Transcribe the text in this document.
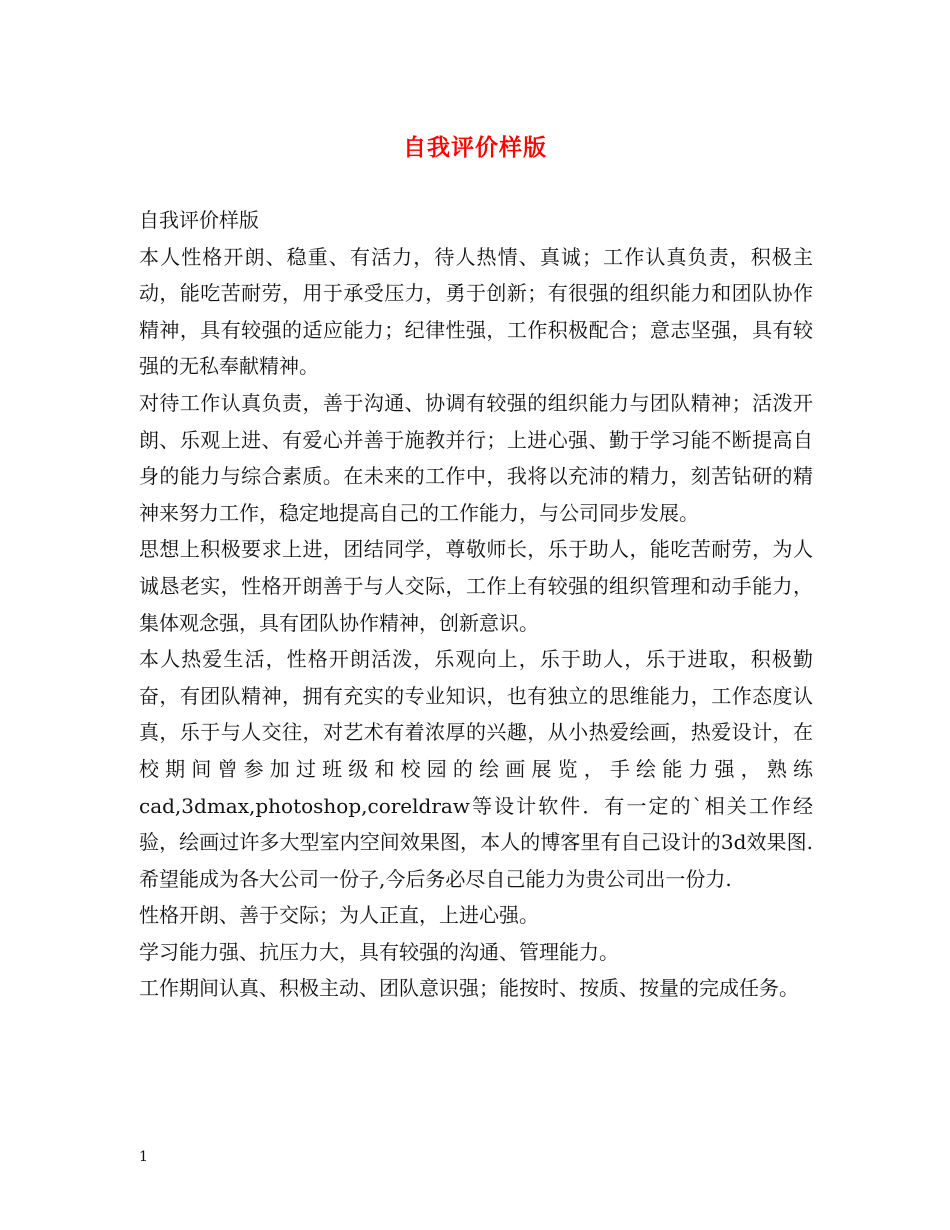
自我评价样版

自我评价样版

本人性格开朗、稳重、有活力，待人热情、真诚；工作认真负责，积极主动，能吃苦耐劳，用于承受压力，勇于创新；有很强的组织能力和团队协作精神，具有较强的适应能力；纪律性强，工作积极配合；意志坚强，具有较强的无私奉献精神。

对待工作认真负责，善于沟通、协调有较强的组织能力与团队精神；活泼开朗、乐观上进、有爱心并善于施教并行；上进心强、勤于学习能不断提高自身的能力与综合素质。在未来的工作中，我将以充沛的精力，刻苦钻研的精神来努力工作，稳定地提高自己的工作能力，与公司同步发展。

思想上积极要求上进，团结同学，尊敬师长，乐于助人，能吃苦耐劳，为人诚恳老实，性格开朗善于与人交际，工作上有较强的组织管理和动手能力，集体观念强，具有团队协作精神，创新意识。

本人热爱生活，性格开朗活泼，乐观向上，乐于助人，乐于进取，积极勤奋，有团队精神，拥有充实的专业知识，也有独立的思维能力，工作态度认真，乐于与人交往，对艺术有着浓厚的兴趣，从小热爱绘画，热爱设计，在校期间曾参加过班级和校园的绘画展览，手绘能力强，熟练cad,3dmax,photoshop,coreldraw等设计软件．有一定的`相关工作经验，绘画过许多大型室内空间效果图，本人的博客里有自己设计的3d效果图.希望能成为各大公司一份子,今后务必尽自己能力为贵公司出一份力.

性格开朗、善于交际；为人正直，上进心强。

学习能力强、抗压力大，具有较强的沟通、管理能力。

工作期间认真、积极主动、团队意识强；能按时、按质、按量的完成任务。

1
